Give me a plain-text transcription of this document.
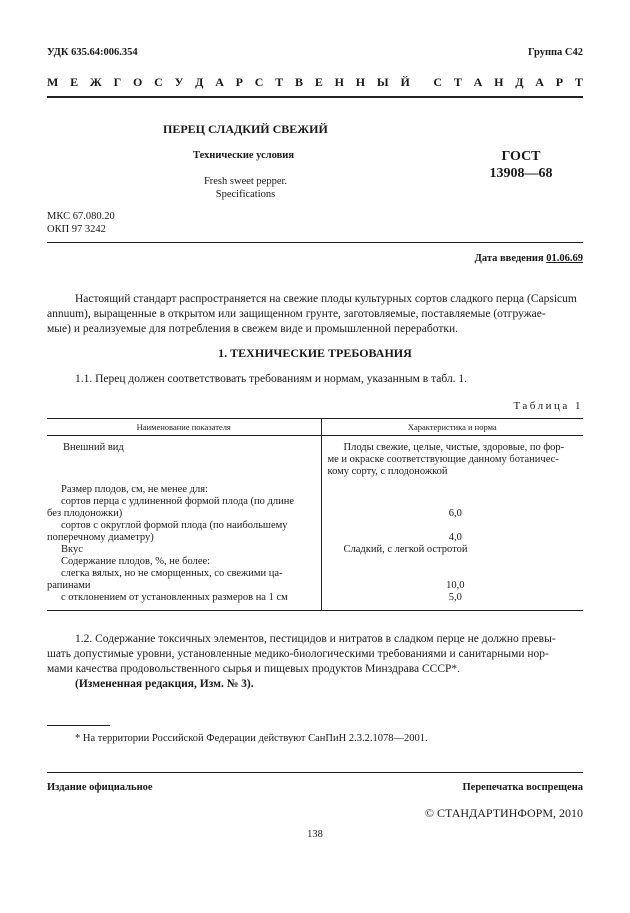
УДК 635.64:006.354	Группа С42
М Е Ж Г О С У Д А Р С Т В Е Н Н Ы Й С Т А Н Д А Р Т
ПЕРЕЦ СЛАДКИЙ СВЕЖИЙ
Технические условия
Fresh sweet pepper.
Specifications
ГОСТ
13908—68
МКС 67.080.20
ОКП 97 3242
Дата введения 01.06.69
Настоящий стандарт распространяется на свежие плоды культурных сортов сладкого перца (Capsicum
annuum), выращенные в открытом или защищенном грунте, заготовляемые, поставляемые (отгружае-
мые) и реализуемые для потребления в свежем виде и промышленной переработки.
1. ТЕХНИЧЕСКИЕ ТРЕБОВАНИЯ
1.1. Перец должен соответствовать требованиям и нормам, указанным в табл. 1.
Таблица 1
Наименование показателя	Характеристика и норма

Внешний вид	Плоды свежие, целые, чистые, здоровые, по фор-
ме и окраске соответствующие данному ботаничес-
кому сорту, с плодоножкой

Размер плодов, см, не менее для:	

сортов перца с удлиненной формой плода (по длине
без плодоножки)	6,0

сортов с округлой формой плода (по наибольшему
поперечному диаметру)	4,0

Вкус	Сладкий, с легкой остротой

Содержание плодов, %, не более:	

слегка вялых, но не сморщенных, со свежими ца-
рапинами	10,0

с отклонением от установленных размеров на 1 см	5,0
1.2. Содержание токсичных элементов, пестицидов и нитратов в сладком перце не должно превы-
шать допустимые уровни, установленные медико-биологическими требованиями и санитарными нор-
мами качества продовольственного сырья и пищевых продуктов Минздрава СССР*.
(Измененная редакция, Изм. № 3).
* На территории Российской Федерации действуют СанПиН 2.3.2.1078—2001.
Издание официальное	Перепечатка воспрещена
© СТАНДАРТИНФОРМ, 2010
138
